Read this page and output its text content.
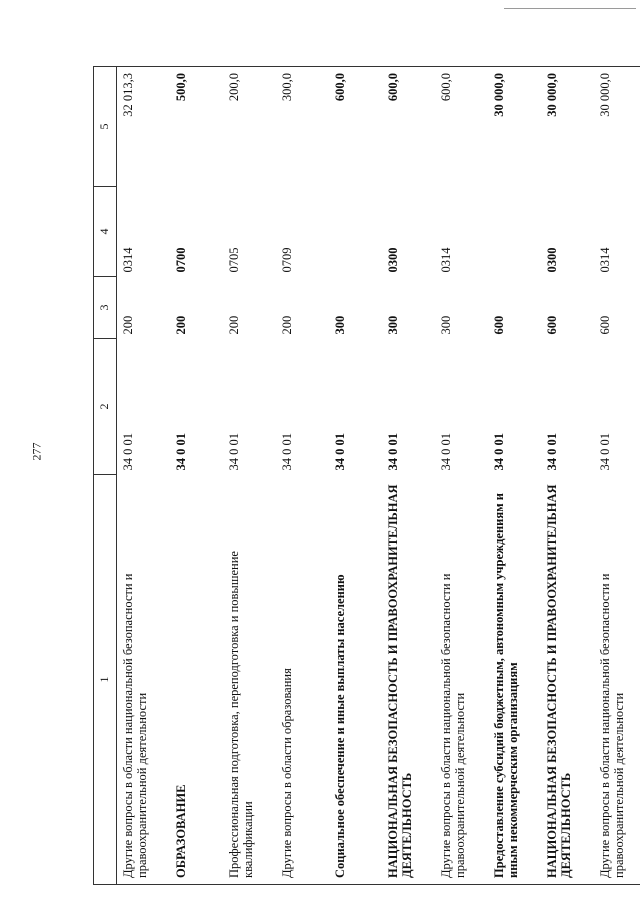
277
1	2	3	4	5
Другие вопросы в области национальной безопасности и правоохранительной деятельности	34 0 01	200	0314	32 013,3
ОБРАЗОВАНИЕ	34 0 01	200	0700	500,0
Профессиональная подготовка, переподготовка и повышение квалификации	34 0 01	200	0705	200,0
Другие вопросы в области образования	34 0 01	200	0709	300,0
Социальное обеспечение и иные выплаты населению	34 0 01	300		600,0
НАЦИОНАЛЬНАЯ БЕЗОПАСНОСТЬ И ПРАВООХРАНИТЕЛЬНАЯ ДЕЯТЕЛЬНОСТЬ	34 0 01	300	0300	600,0
Другие вопросы в области национальной безопасности и правоохранительной деятельности	34 0 01	300	0314	600,0
Предоставление субсидий бюджетным, автономным учреждениям и иным некоммерческим организациям	34 0 01	600		30 000,0
НАЦИОНАЛЬНАЯ БЕЗОПАСНОСТЬ И ПРАВООХРАНИТЕЛЬНАЯ ДЕЯТЕЛЬНОСТЬ	34 0 01	600	0300	30 000,0
Другие вопросы в области национальной безопасности и правоохранительной деятельности	34 0 01	600	0314	30 000,0
